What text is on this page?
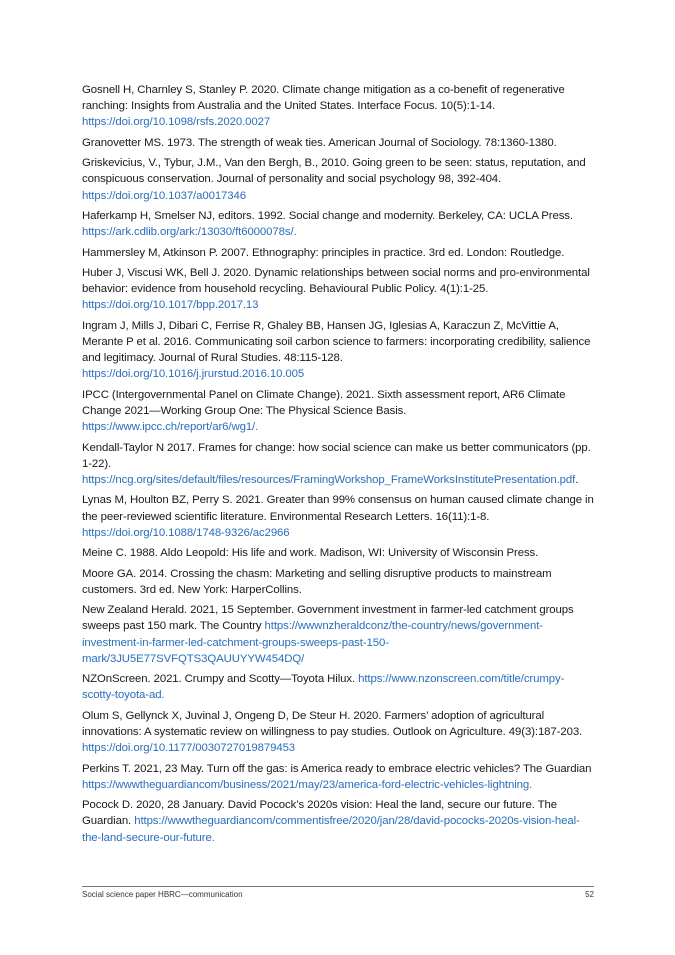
Gosnell H, Charnley S, Stanley P. 2020. Climate change mitigation as a co-benefit of regenerative ranching: Insights from Australia and the United States. Interface Focus. 10(5):1-14.
https://doi.org/10.1098/rsfs.2020.0027

Granovetter MS. 1973. The strength of weak ties. American Journal of Sociology. 78:1360-1380.

Griskevicius, V., Tybur, J.M., Van den Bergh, B., 2010. Going green to be seen: status, reputation, and conspicuous conservation. Journal of personality and social psychology 98, 392-404.
https://doi.org/10.1037/a0017346

Haferkamp H, Smelser NJ, editors. 1992. Social change and modernity. Berkeley, CA: UCLA Press.
https://ark.cdlib.org/ark:/13030/ft6000078s/.

Hammersley M, Atkinson P. 2007. Ethnography: principles in practice. 3rd ed. London: Routledge.

Huber J, Viscusi WK, Bell J. 2020. Dynamic relationships between social norms and pro-environmental behavior: evidence from household recycling. Behavioural Public Policy. 4(1):1-25.
https://doi.org/10.1017/bpp.2017.13

Ingram J, Mills J, Dibari C, Ferrise R, Ghaley BB, Hansen JG, Iglesias A, Karaczun Z, McVittie A, Merante P et al. 2016. Communicating soil carbon science to farmers: incorporating credibility, salience and legitimacy. Journal of Rural Studies. 48:115-128.
https://doi.org/10.1016/j.jrurstud.2016.10.005

IPCC (Intergovernmental Panel on Climate Change). 2021. Sixth assessment report, AR6 Climate Change 2021—Working Group One: The Physical Science Basis.
https://www.ipcc.ch/report/ar6/wg1/.

Kendall-Taylor N 2017. Frames for change: how social science can make us better communicators (pp. 1-22).
https://ncg.org/sites/default/files/resources/FramingWorkshop_FrameWorksInstitutePresentation.pdf.

Lynas M, Houlton BZ, Perry S. 2021. Greater than 99% consensus on human caused climate change in the peer-reviewed scientific literature. Environmental Research Letters. 16(11):1-8.
https://doi.org/10.1088/1748-9326/ac2966

Meine C. 1988. Aldo Leopold: His life and work. Madison, WI: University of Wisconsin Press.

Moore GA. 2014. Crossing the chasm: Marketing and selling disruptive products to mainstream customers. 3rd ed. New York: HarperCollins.

New Zealand Herald. 2021, 15 September. Government investment in farmer-led catchment groups sweeps past 150 mark. The Country https://wwwnzheraldconz/the-country/news/government-investment-in-farmer-led-catchment-groups-sweeps-past-150-mark/3JU5E77SVFQTS3QAUUYYW454DQ/

NZOnScreen. 2021. Crumpy and Scotty—Toyota Hilux. https://www.nzonscreen.com/title/crumpy-scotty-toyota-ad.

Olum S, Gellynck X, Juvinal J, Ongeng D, De Steur H. 2020. Farmers’ adoption of agricultural innovations: A systematic review on willingness to pay studies. Outlook on Agriculture. 49(3):187-203. https://doi.org/10.1177/0030727019879453

Perkins T. 2021, 23 May. Turn off the gas: is America ready to embrace electric vehicles? The Guardian https://wwwtheguardiancom/business/2021/may/23/america-ford-electric-vehicles-lightning.

Pocock D. 2020, 28 January. David Pocock’s 2020s vision: Heal the land, secure our future. The Guardian. https://wwwtheguardiancom/commentisfree/2020/jan/28/david-pococks-2020s-vision-heal-the-land-secure-our-future.

Social science paper HBRC—communication	52
